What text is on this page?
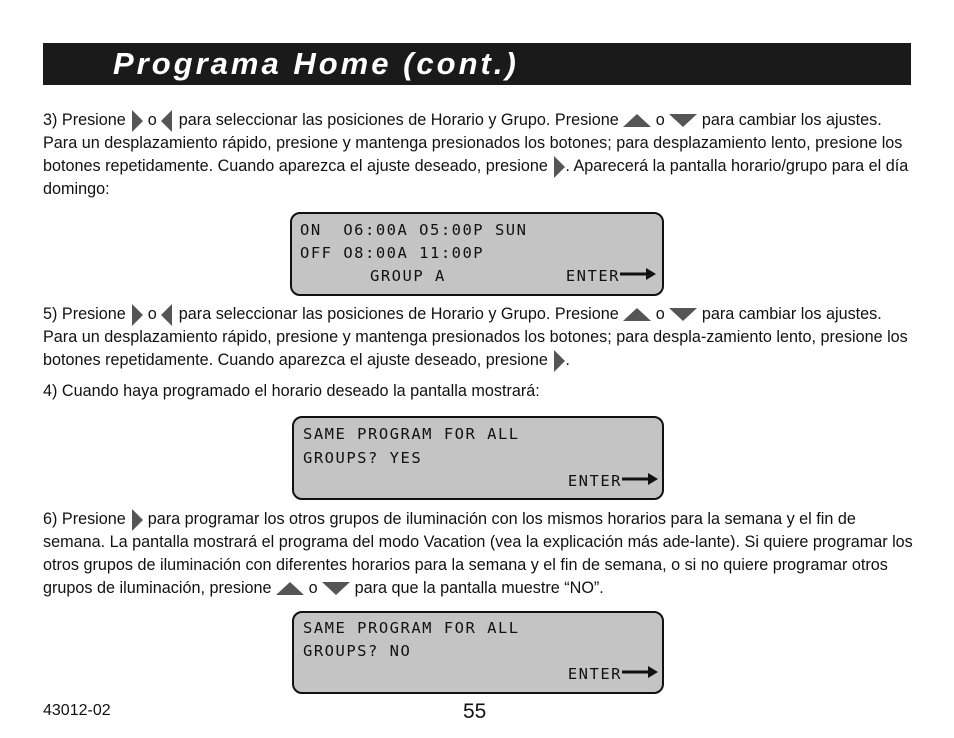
Programa Home (cont.)
3) Presione o para seleccionar las posiciones de Horario y Grupo. Presione o para cambiar los ajustes. Para un desplazamiento rápido, presione y mantenga presionados los botones; para desplazamiento lento, presione los botones repetidamente. Cuando aparezca el ajuste deseado, presione . Aparecerá la pantalla horario/grupo para el día domingo:
ON  O6:00A O5:00P SUN
OFF O8:00A 11:00P
GROUP A	ENTER
5) Presione o para seleccionar las posiciones de Horario y Grupo. Presione o para cambiar los ajustes. Para un desplazamiento rápido, presione y mantenga presionados los botones; para despla-zamiento lento, presione los botones repetidamente. Cuando aparezca el ajuste deseado, presione .
4) Cuando haya programado el horario deseado la pantalla mostrará:
SAME PROGRAM FOR ALL
GROUPS? YES
ENTER
6) Presione para programar los otros grupos de iluminación con los mismos horarios para la semana y el fin de semana. La pantalla mostrará el programa del modo Vacation (vea la explicación más ade-lante). Si quiere programar los otros grupos de iluminación con diferentes horarios para la semana y el fin de semana, o si no quiere programar otros grupos de iluminación, presione o para que la pantalla muestre “NO”.
SAME PROGRAM FOR ALL
GROUPS? NO
ENTER
43012-02	55
